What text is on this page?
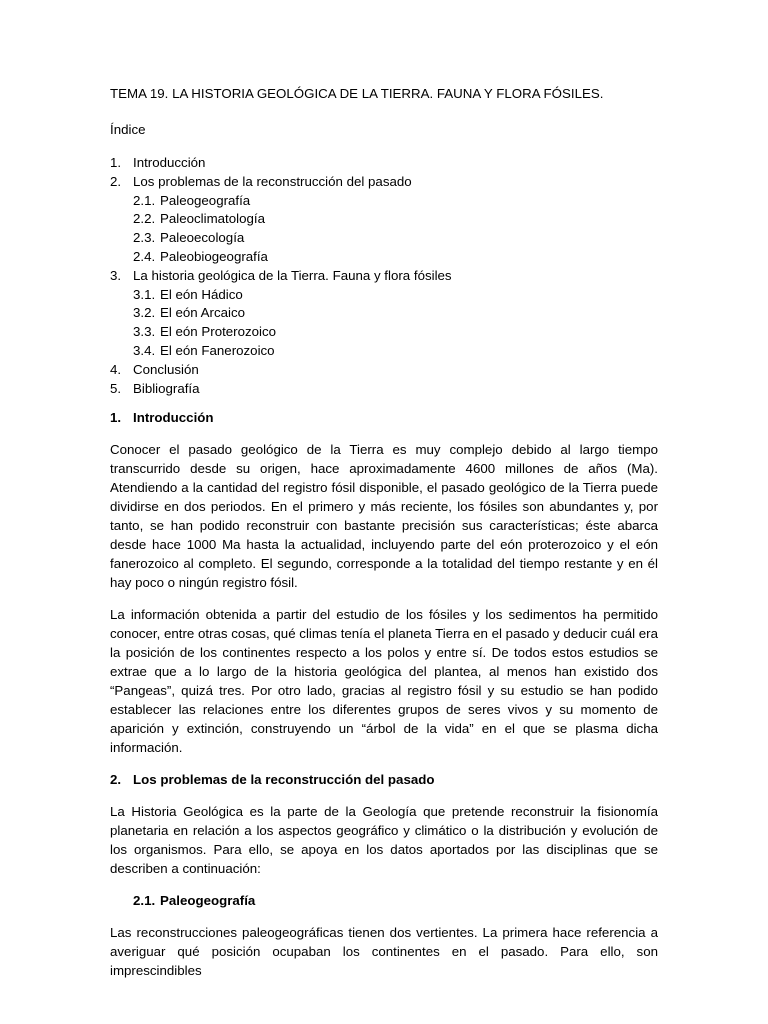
TEMA 19. LA HISTORIA GEOLÓGICA DE LA TIERRA. FAUNA Y FLORA FÓSILES.
Índice
1. Introducción
2. Los problemas de la reconstrucción del pasado
2.1. Paleogeografía
2.2. Paleoclimatología
2.3. Paleoecología
2.4. Paleobiogeografía
3. La historia geológica de la Tierra. Fauna y flora fósiles
3.1. El eón Hádico
3.2. El eón Arcaico
3.3. El eón Proterozoico
3.4. El eón Fanerozoico
4. Conclusión
5. Bibliografía
1. Introducción

Conocer el pasado geológico de la Tierra es muy complejo debido al largo tiempo transcurrido desde su origen, hace aproximadamente 4600 millones de años (Ma). Atendiendo a la cantidad del registro fósil disponible, el pasado geológico de la Tierra puede dividirse en dos periodos. En el primero y más reciente, los fósiles son abundantes y, por tanto, se han podido reconstruir con bastante precisión sus características; éste abarca desde hace 1000 Ma hasta la actualidad, incluyendo parte del eón proterozoico y el eón fanerozoico al completo. El segundo, corresponde a la totalidad del tiempo restante y en él hay poco o ningún registro fósil.

La información obtenida a partir del estudio de los fósiles y los sedimentos ha permitido conocer, entre otras cosas, qué climas tenía el planeta Tierra en el pasado y deducir cuál era la posición de los continentes respecto a los polos y entre sí. De todos estos estudios se extrae que a lo largo de la historia geológica del plantea, al menos han existido dos “Pangeas”, quizá tres. Por otro lado, gracias al registro fósil y su estudio se han podido establecer las relaciones entre los diferentes grupos de seres vivos y su momento de aparición y extinción, construyendo un “árbol de la vida” en el que se plasma dicha información.

2. Los problemas de la reconstrucción del pasado

La Historia Geológica es la parte de la Geología que pretende reconstruir la fisionomía planetaria en relación a los aspectos geográfico y climático o la distribución y evolución de los organismos. Para ello, se apoya en los datos aportados por las disciplinas que se describen a continuación:

2.1. Paleogeografía

Las reconstrucciones paleogeográficas tienen dos vertientes. La primera hace referencia a averiguar qué posición ocupaban los continentes en el pasado. Para ello, son imprescindibles
